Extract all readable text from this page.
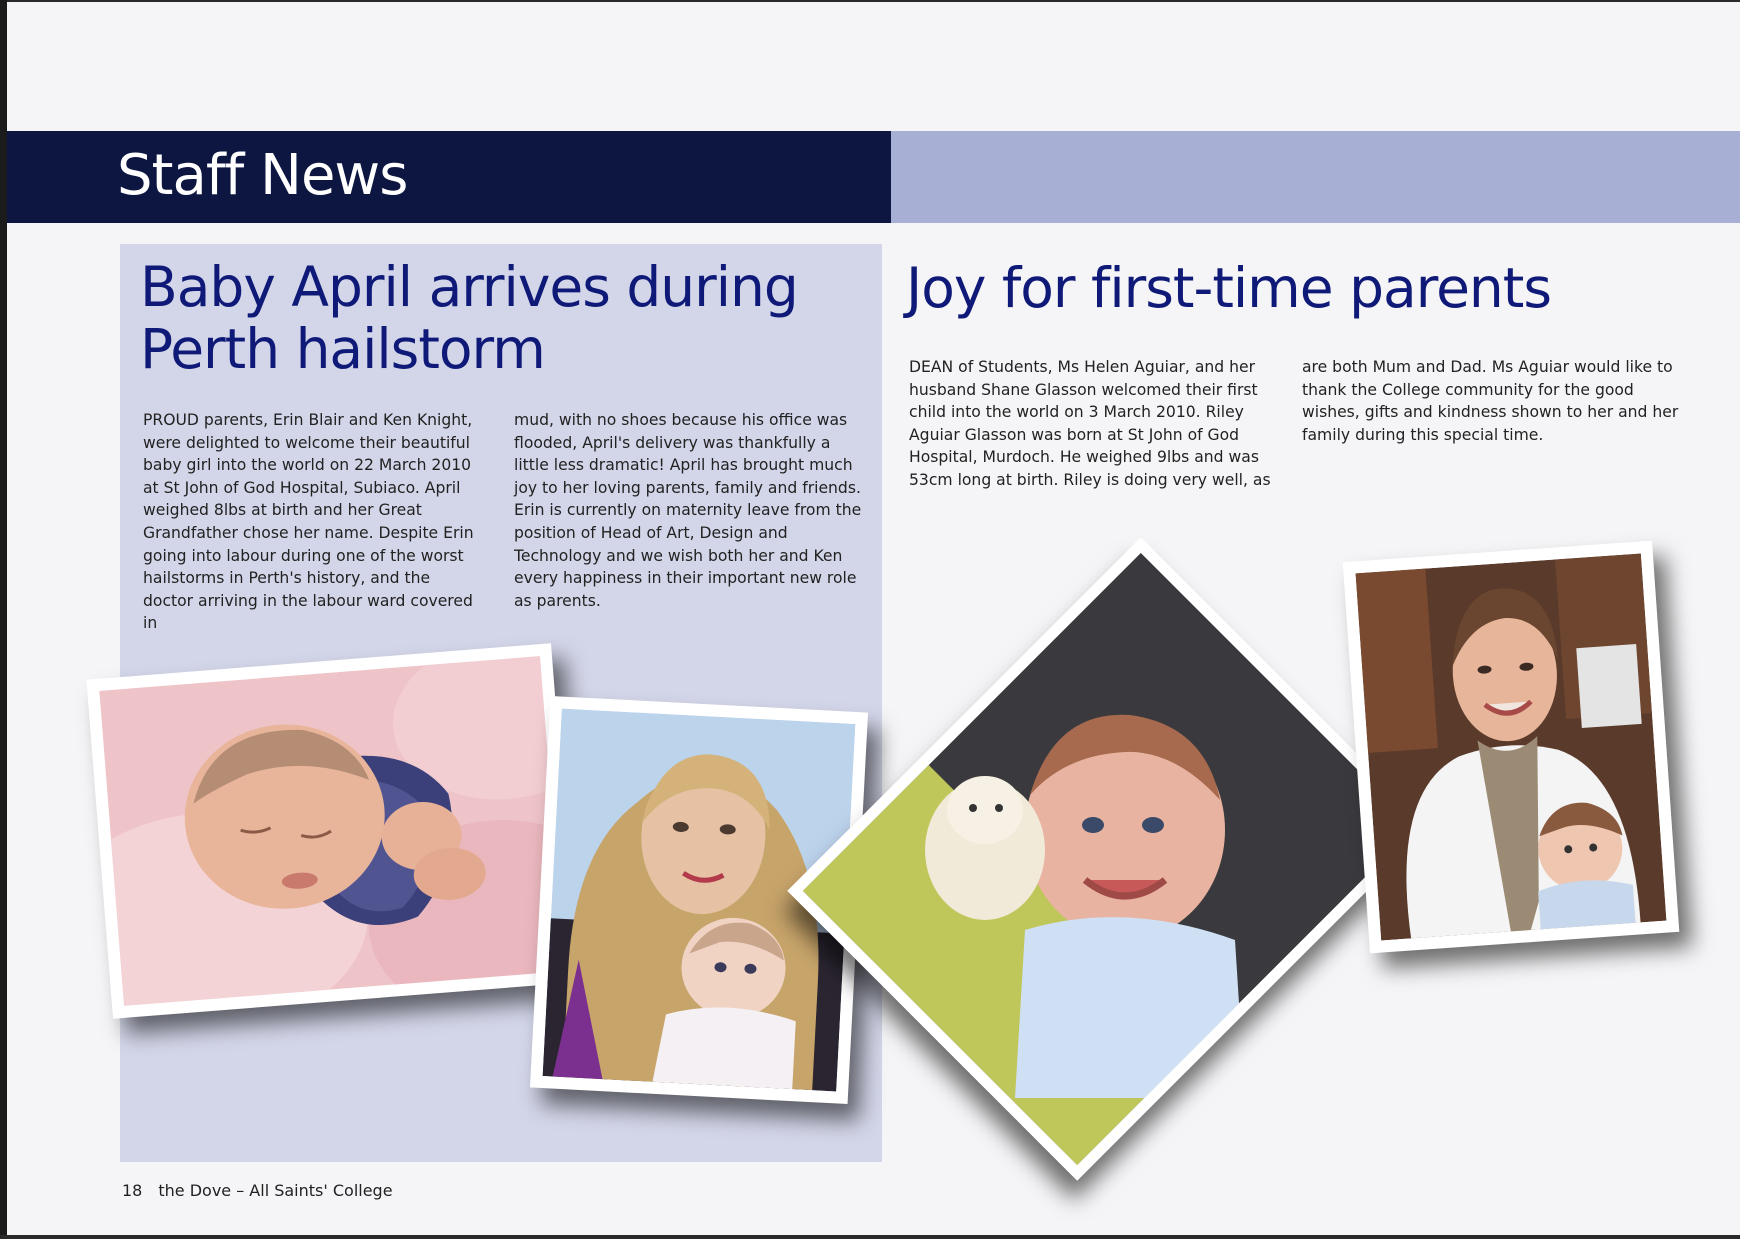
Staff News
Baby April arrives during Perth hailstorm

PROUD parents, Erin Blair and Ken Knight, were delighted to welcome their beautiful baby girl into the world on 22 March 2010 at St John of God Hospital, Subiaco. April weighed 8lbs at birth and her Great Grandfather chose her name. Despite Erin going into labour during one of the worst hailstorms in Perth's history, and the doctor arriving in the labour ward covered in

mud, with no shoes because his office was flooded, April's delivery was thankfully a little less dramatic! April has brought much joy to her loving parents, family and friends. Erin is currently on maternity leave from the position of Head of Art, Design and Technology and we wish both her and Ken every happiness in their important new role as parents.

Joy for first-time parents

DEAN of Students, Ms Helen Aguiar, and her husband Shane Glasson welcomed their first child into the world on 3 March 2010. Riley Aguiar Glasson was born at St John of God Hospital, Murdoch. He weighed 9lbs and was 53cm long at birth. Riley is doing very well, as

are both Mum and Dad. Ms Aguiar would like to thank the College community for the good wishes, gifts and kindness shown to her and her family during this special time.

18 the Dove – All Saints' College
